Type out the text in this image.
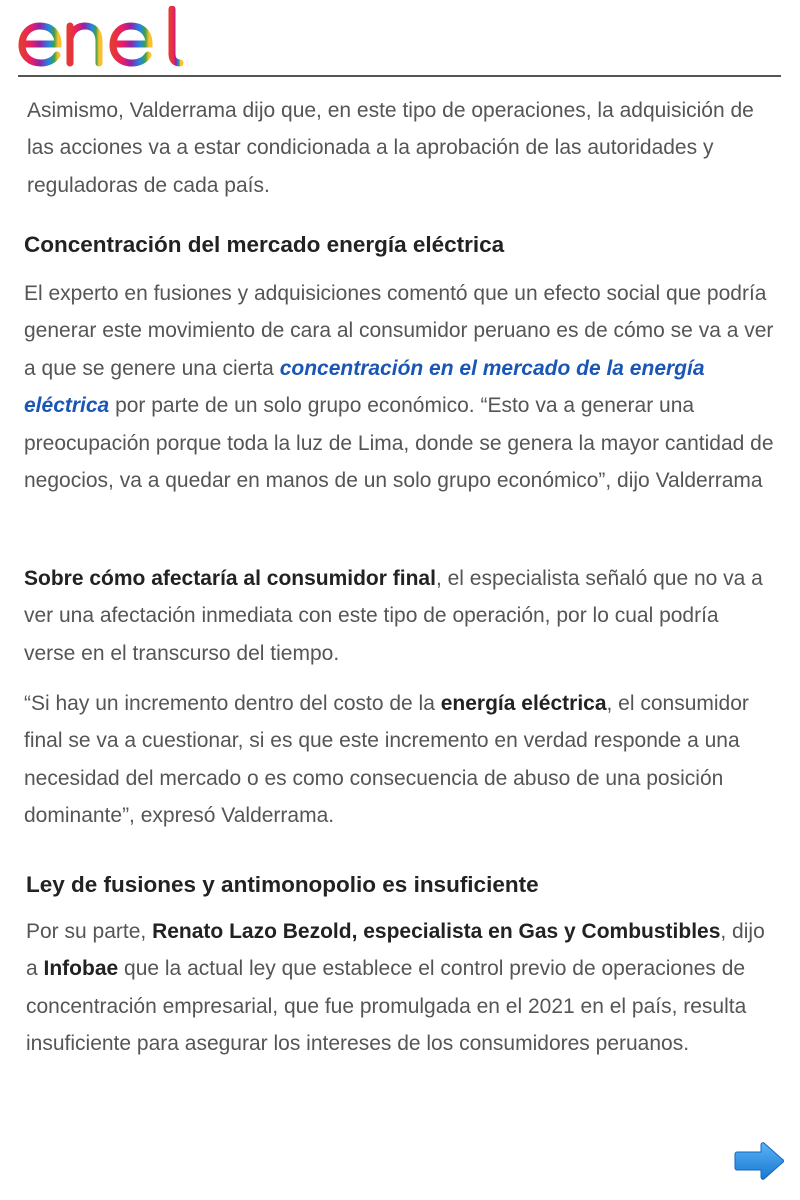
Asimismo, Valderrama dijo que, en este tipo de operaciones, la adquisición de las acciones va a estar condicionada a la aprobación de las autoridades y reguladoras de cada país.

Concentración del mercado energía eléctrica

El experto en fusiones y adquisiciones comentó que un efecto social que podría generar este movimiento de cara al consumidor peruano es de cómo se va a ver a que se genere una cierta concentración en el mercado de la energía eléctrica por parte de un solo grupo económico. “Esto va a generar una preocupación porque toda la luz de Lima, donde se genera la mayor cantidad de negocios, va a quedar en manos de un solo grupo económico”, dijo Valderrama

Sobre cómo afectaría al consumidor final, el especialista señaló que no va a ver una afectación inmediata con este tipo de operación, por lo cual podría verse en el transcurso del tiempo.

“Si hay un incremento dentro del costo de la energía eléctrica, el consumidor final se va a cuestionar, si es que este incremento en verdad responde a una necesidad del mercado o es como consecuencia de abuso de una posición dominante”, expresó Valderrama.

Ley de fusiones y antimonopolio es insuficiente

Por su parte, Renato Lazo Bezold, especialista en Gas y Combustibles, dijo a Infobae que la actual ley que establece el control previo de operaciones de concentración empresarial, que fue promulgada en el 2021 en el país, resulta insuficiente para asegurar los intereses de los consumidores peruanos.
